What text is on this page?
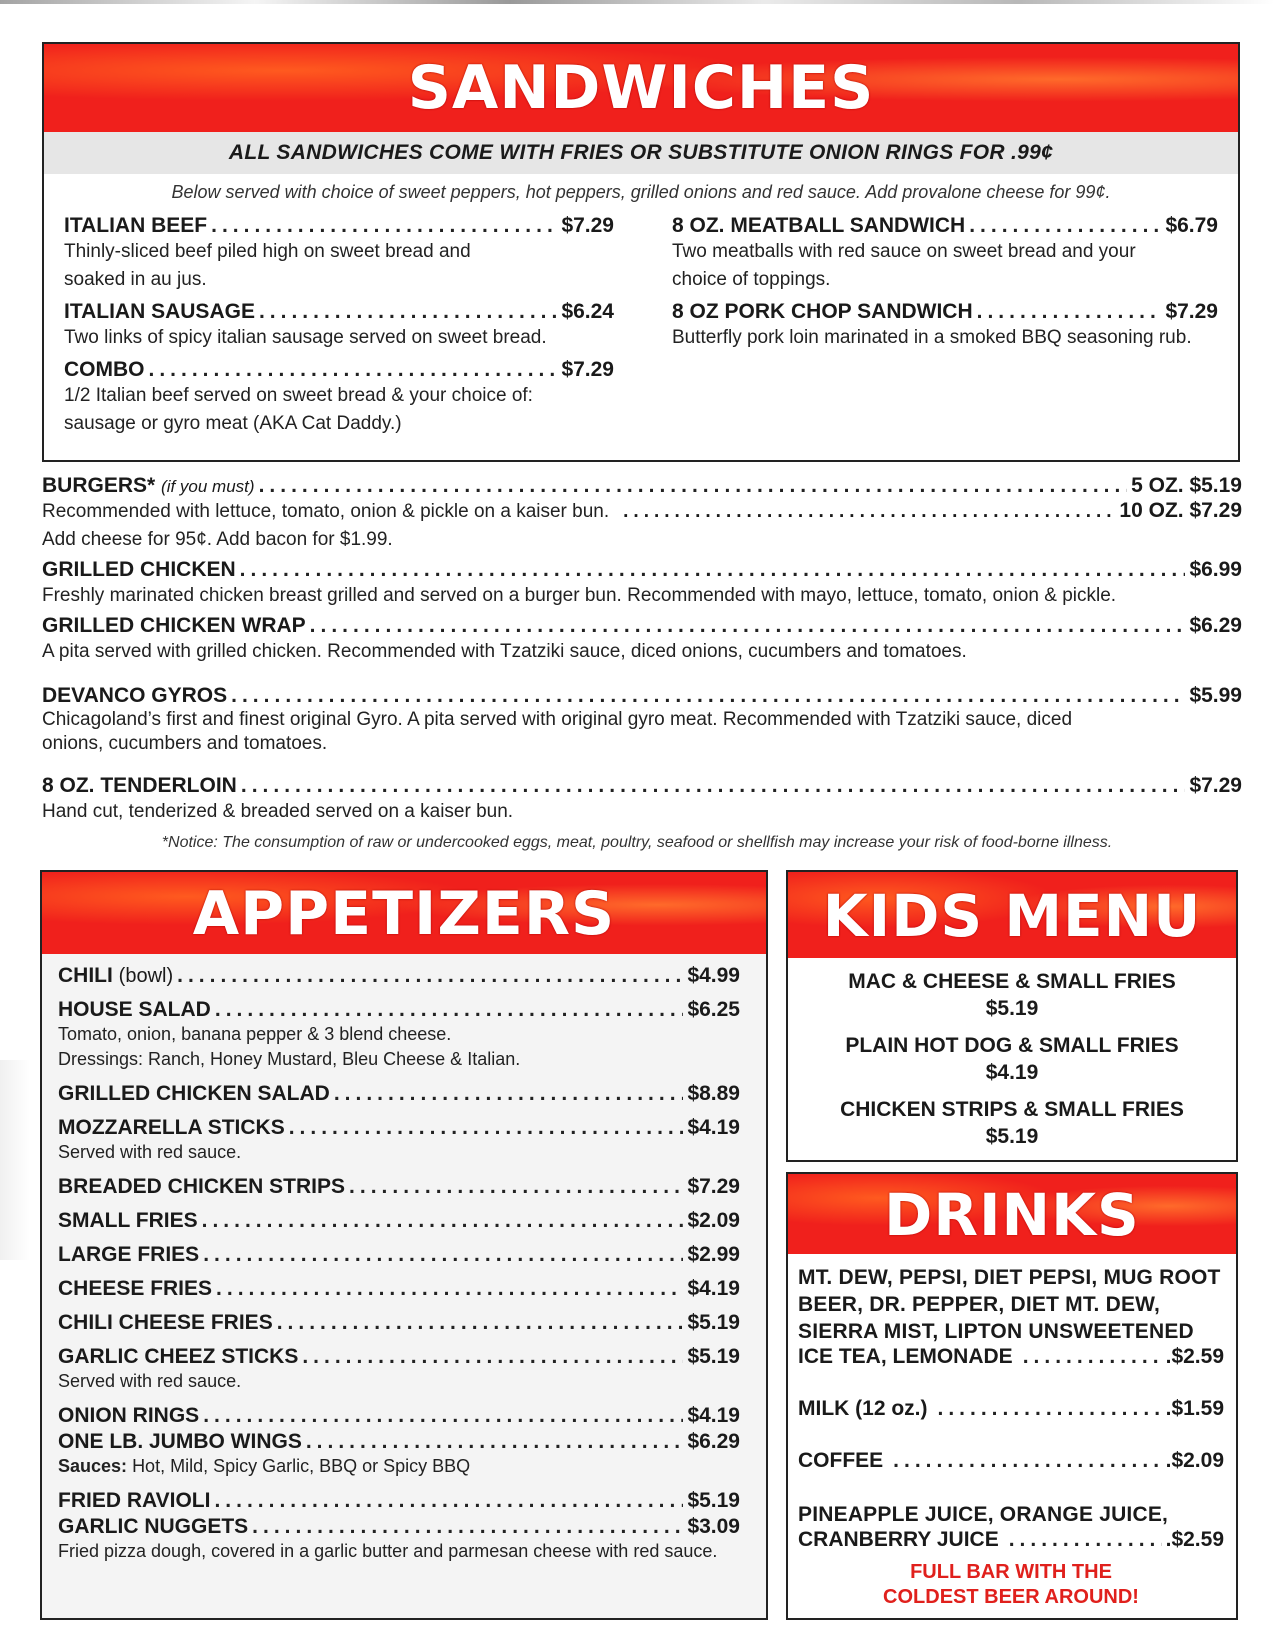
SANDWICHES
ALL SANDWICHES COME WITH FRIES OR SUBSTITUTE ONION RINGS FOR .99¢
Below served with choice of sweet peppers, hot peppers, grilled onions and red sauce. Add provalone cheese for 99¢.
ITALIAN BEEF .....	$7.29
Thinly-sliced beef piled high on sweet bread and
soaked in au jus.
ITALIAN SAUSAGE .....	$6.24
Two links of spicy italian sausage served on sweet bread.
COMBO .....	$7.29
1/2 Italian beef served on sweet bread & your choice of:
sausage or gyro meat (AKA Cat Daddy.)
8 OZ. MEATBALL SANDWICH .....	$6.79
Two meatballs with red sauce on sweet bread and your
choice of toppings.
8 OZ PORK CHOP SANDWICH .....	$7.29
Butterfly pork loin marinated in a smoked BBQ seasoning rub.
BURGERS* (if you must) .....	5 OZ. $5.19
Recommended with lettuce, tomato, onion & pickle on a kaiser bun. .....	10 OZ. $7.29
Add cheese for 95¢. Add bacon for $1.99.
GRILLED CHICKEN .....	$6.99
Freshly marinated chicken breast grilled and served on a burger bun. Recommended with mayo, lettuce, tomato, onion & pickle.
GRILLED CHICKEN WRAP .....	$6.29
A pita served with grilled chicken. Recommended with Tzatziki sauce, diced onions, cucumbers and tomatoes.
DEVANCO GYROS .....	$5.99
Chicagoland’s first and finest original Gyro. A pita served with original gyro meat. Recommended with Tzatziki sauce, diced
onions, cucumbers and tomatoes.
8 OZ. TENDERLOIN .....	$7.29
Hand cut, tenderized & breaded served on a kaiser bun.
*Notice: The consumption of raw or undercooked eggs, meat, poultry, seafood or shellfish may increase your risk of food-borne illness.
APPETIZERS
CHILI (bowl) .....	$4.99
HOUSE SALAD .....	$6.25
Tomato, onion, banana pepper & 3 blend cheese.
Dressings: Ranch, Honey Mustard, Bleu Cheese & Italian.
GRILLED CHICKEN SALAD .....	$8.89
MOZZARELLA STICKS .....	$4.19
Served with red sauce.
BREADED CHICKEN STRIPS .....	$7.29
SMALL FRIES .....	$2.09
LARGE FRIES .....	$2.99
CHEESE FRIES .....	$4.19
CHILI CHEESE FRIES .....	$5.19
GARLIC CHEEZ STICKS .....	$5.19
Served with red sauce.
ONION RINGS .....	$4.19
ONE LB. JUMBO WINGS .....	$6.29
Sauces: Hot, Mild, Spicy Garlic, BBQ or Spicy BBQ
FRIED RAVIOLI .....	$5.19
GARLIC NUGGETS .....	$3.09
Fried pizza dough, covered in a garlic butter and parmesan cheese with red sauce.
KIDS MENU
MAC & CHEESE & SMALL FRIES
$5.19
PLAIN HOT DOG & SMALL FRIES
$4.19
CHICKEN STRIPS & SMALL FRIES
$5.19
DRINKS
MT. DEW, PEPSI, DIET PEPSI, MUG ROOT
BEER, DR. PEPPER, DIET MT. DEW,
SIERRA MIST, LIPTON UNSWEETENED
ICE TEA, LEMONADE .....	.$2.59
MILK (12 oz.) .....	.$1.59
COFFEE .....	.$2.09
PINEAPPLE JUICE, ORANGE JUICE,
CRANBERRY JUICE .....	.$2.59
FULL BAR WITH THE
COLDEST BEER AROUND!
